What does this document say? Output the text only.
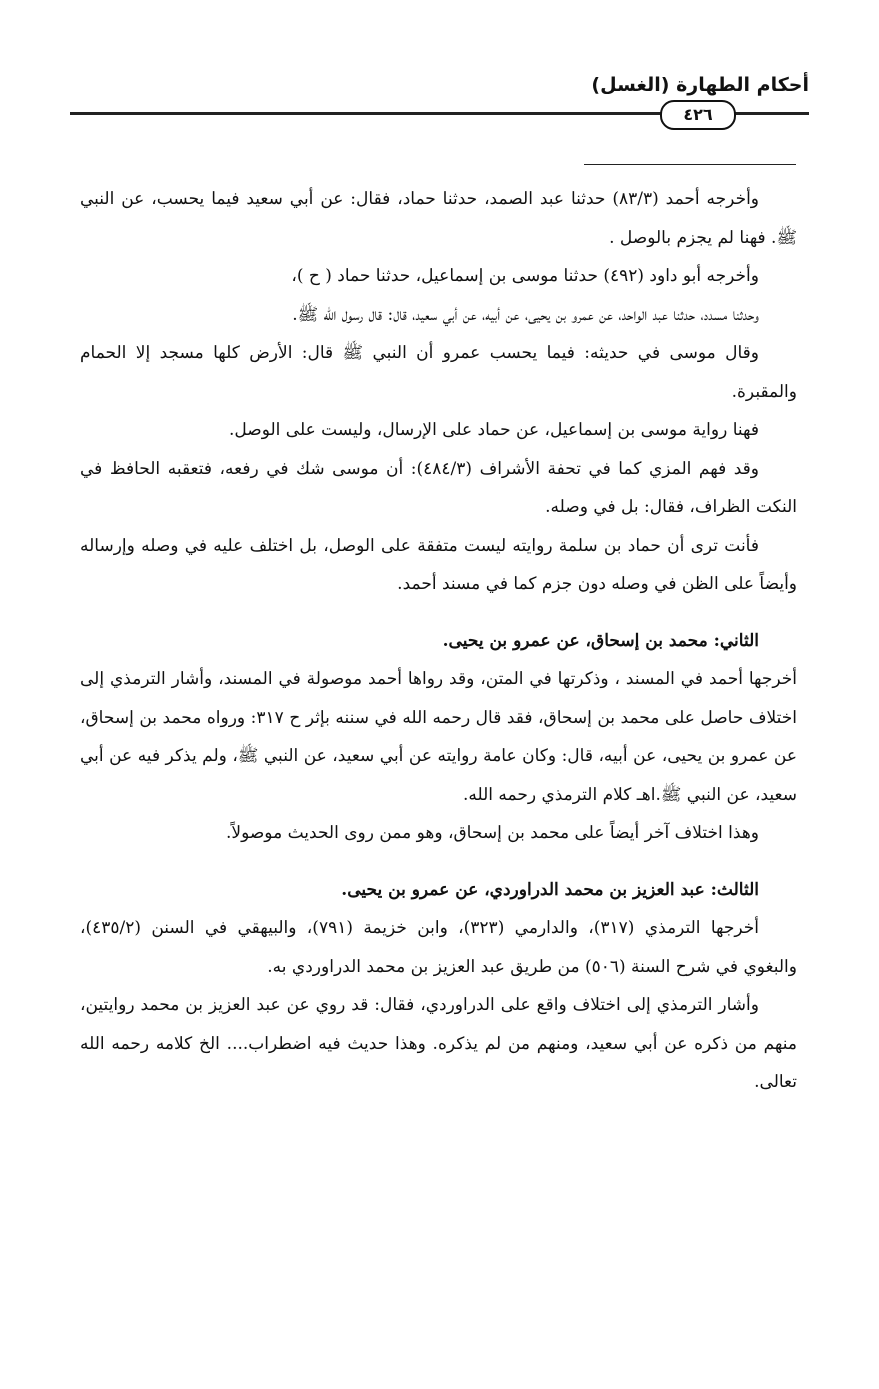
أحكام الطهارة (الغسل)
٤٢٦

وأخرجه أحمد (٨٣/٣) حدثنا عبد الصمد، حدثنا حماد، فقال: عن أبي سعيد فيما يحسب، عن النبي ﷺ. فهنا لم يجزم بالوصل .

وأخرجه أبو داود (٤٩٢) حدثنا موسى بن إسماعيل، حدثنا حماد ( ح )،

وحدثنا مسدد، حدثنا عبد الواحد، عن عمرو بن يحيى، عن أبيه، عن أبي سعيد، قال: قال رسول الله ﷺ.

وقال موسى في حديثه: فيما يحسب عمرو أن النبي ﷺ قال: الأرض كلها مسجد إلا الحمام والمقبرة.

فهنا رواية موسى بن إسماعيل، عن حماد على الإرسال، وليست على الوصل.

وقد فهم المزي كما في تحفة الأشراف (٤٨٤/٣): أن موسى شك في رفعه، فتعقبه الحافظ في النكت الظراف، فقال: بل في وصله.

فأنت ترى أن حماد بن سلمة روايته ليست متفقة على الوصل، بل اختلف عليه في وصله وإرساله وأيضاً على الظن في وصله دون جزم كما في مسند أحمد.

الثاني: محمد بن إسحاق، عن عمرو بن يحيى.

أخرجها أحمد في المسند ، وذكرتها في المتن، وقد رواها أحمد موصولة في المسند، وأشار الترمذي إلى اختلاف حاصل على محمد بن إسحاق، فقد قال رحمه الله في سننه بإثر ح ٣١٧: ورواه محمد بن إسحاق، عن عمرو بن يحيى، عن أبيه، قال: وكان عامة روايته عن أبي سعيد، عن النبي ﷺ، ولم يذكر فيه عن أبي سعيد، عن النبي ﷺ.اهـ كلام الترمذي رحمه الله.

وهذا اختلاف آخر أيضاً على محمد بن إسحاق، وهو ممن روى الحديث موصولاً.

الثالث: عبد العزيز بن محمد الدراوردي، عن عمرو بن يحيى.

أخرجها الترمذي (٣١٧)، والدارمي (٣٢٣)، وابن خزيمة (٧٩١)، والبيهقي في السنن (٤٣٥/٢)، والبغوي في شرح السنة (٥٠٦) من طريق عبد العزيز بن محمد الدراوردي به.

وأشار الترمذي إلى اختلاف واقع على الدراوردي، فقال: قد روي عن عبد العزيز بن محمد روايتين، منهم من ذكره عن أبي سعيد، ومنهم من لم يذكره. وهذا حديث فيه اضطراب.... الخ كلامه رحمه الله تعالى.
